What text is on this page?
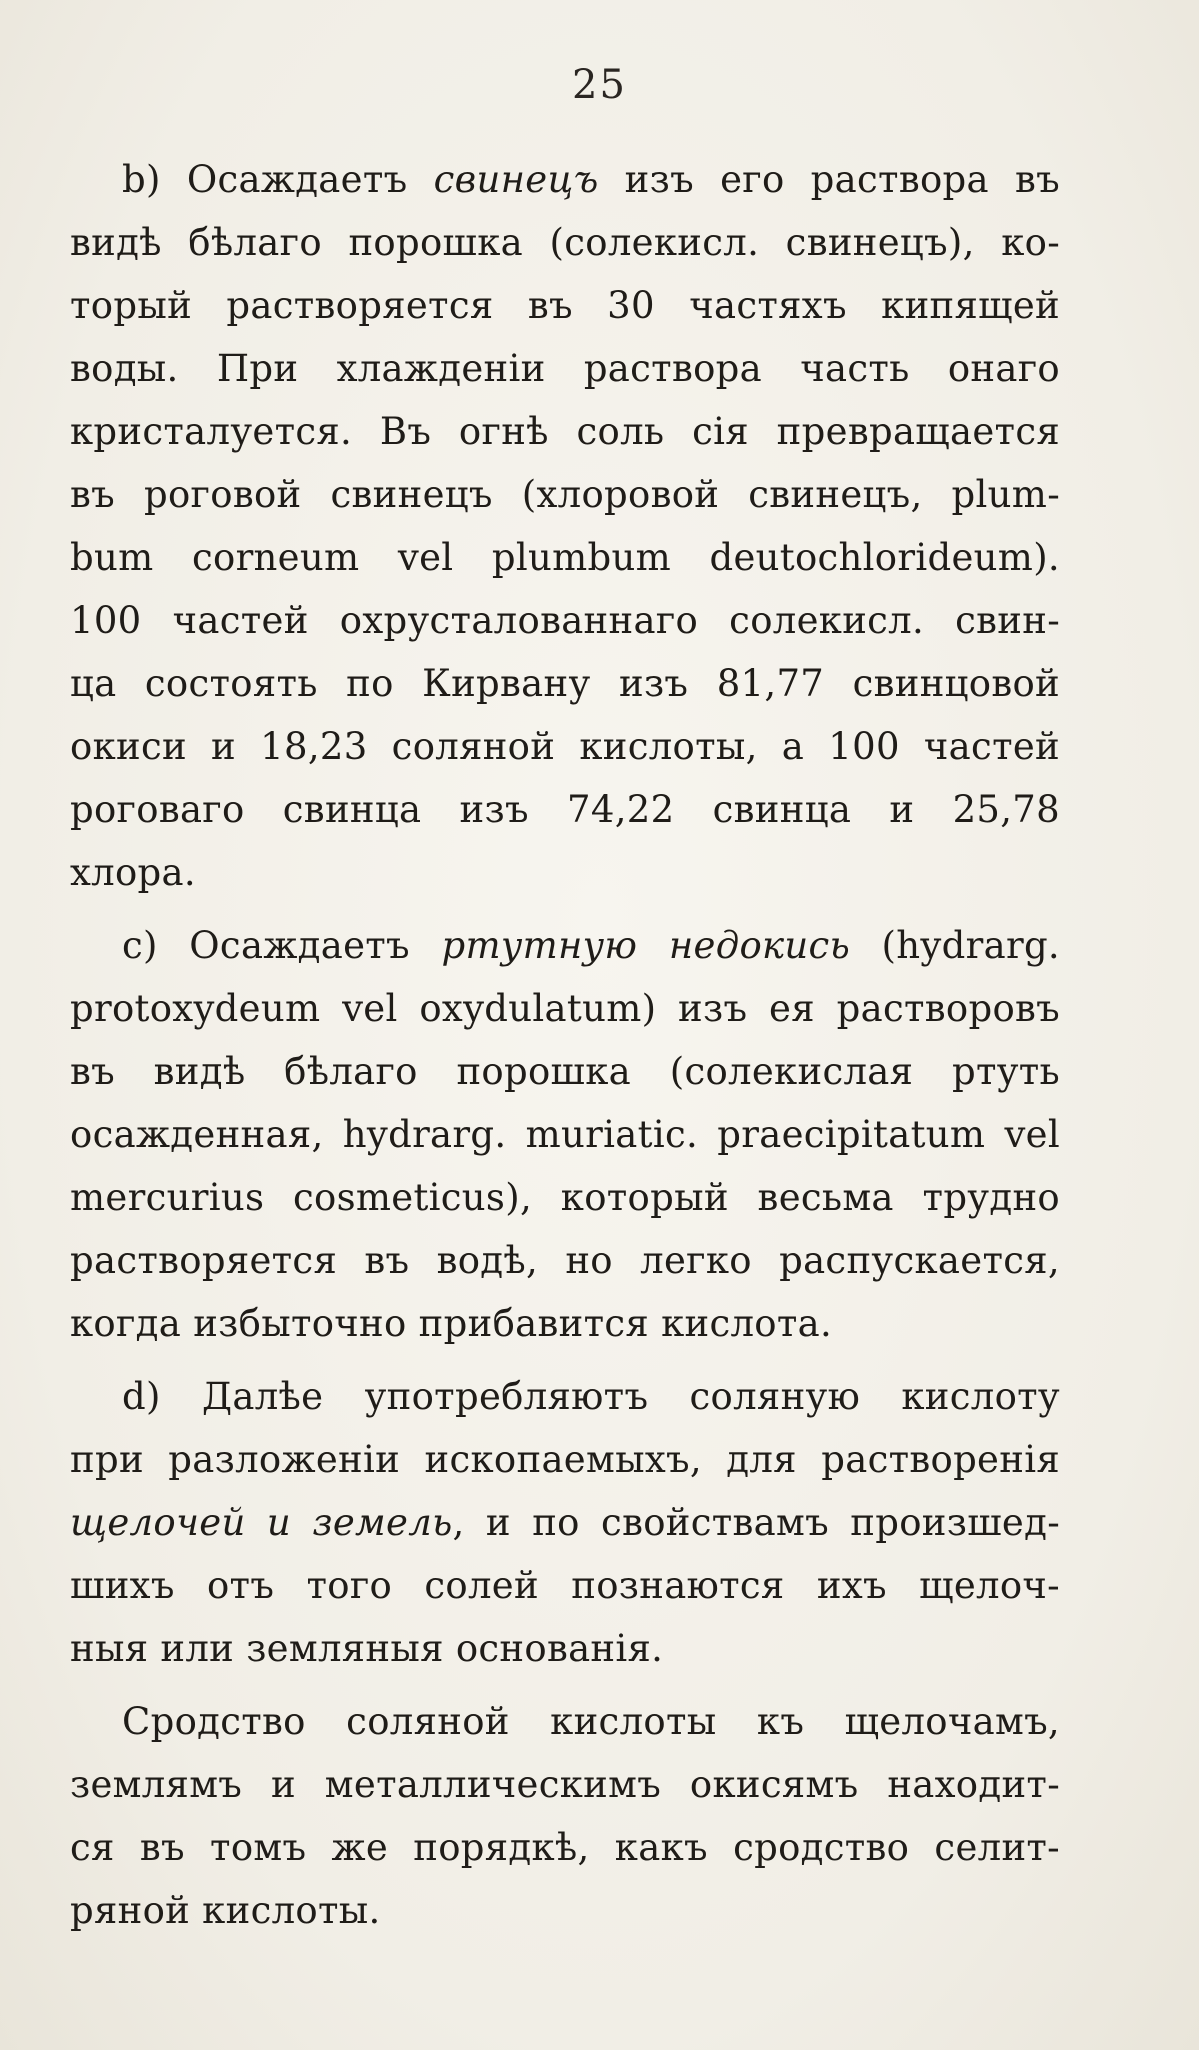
25
b) Осаждаетъ свинецъ изъ его раствора въ
видѣ бѣлаго порошка (солекисл. свинецъ), ко-
торый растворяется въ 30 частяхъ кипящей
воды. При хлажденіи раствора часть онаго
кристалуется. Въ огнѣ соль сія превращается
въ роговой свинецъ (хлоровой свинецъ, plum-
bum corneum vel plumbum deutochlorideum).
100 частей охрусталованнаго солекисл. свин-
ца состоять по Кирвану изъ 81,77 свинцовой
окиси и 18,23 соляной кислоты, а 100 частей
роговаго свинца изъ 74,22 свинца и 25,78
хлора.
c) Осаждаетъ ртутную недокись (hydrarg.
protoxydeum vel oxydulatum) изъ ея растворовъ
въ видѣ бѣлаго порошка (солекислая ртуть
осажденная, hydrarg. muriatic. praecipitatum vel
mercurius cosmeticus), который весьма трудно
растворяется въ водѣ, но легко распускается,
когда избыточно прибавится кислота.
d) Далѣе употребляютъ соляную кислоту
при разложеніи ископаемыхъ, для растворенія
щелочей и земель, и по свойствамъ произшед-
шихъ отъ того солей познаются ихъ щелоч-
ныя или земляныя основанія.
Сродство соляной кислоты къ щелочамъ,
землямъ и металлическимъ окисямъ находит-
ся въ томъ же порядкѣ, какъ сродство селит-
ряной кислоты.
